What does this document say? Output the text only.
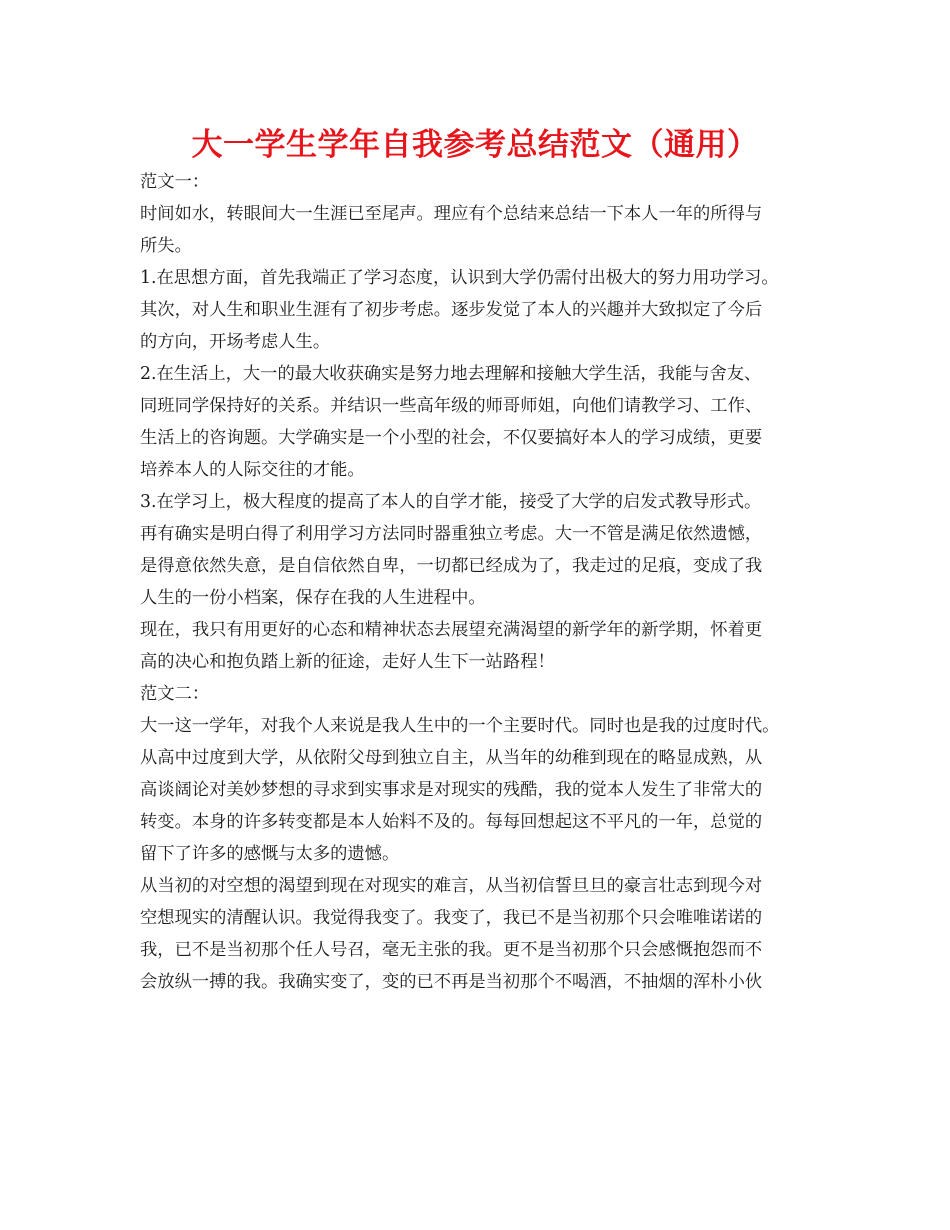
大一学生学年自我参考总结范文（通用）
范文一：
时间如水，转眼间大一生涯已至尾声。理应有个总结来总结一下本人一年的所得与
所失。
1.在思想方面，首先我端正了学习态度，认识到大学仍需付出极大的努力用功学习。
其次，对人生和职业生涯有了初步考虑。逐步发觉了本人的兴趣并大致拟定了今后
的方向，开场考虑人生。
2.在生活上，大一的最大收获确实是努力地去理解和接触大学生活，我能与舍友、
同班同学保持好的关系。并结识一些高年级的师哥师姐，向他们请教学习、工作、
生活上的咨询题。大学确实是一个小型的社会，不仅要搞好本人的学习成绩，更要
培养本人的人际交往的才能。
3.在学习上，极大程度的提高了本人的自学才能，接受了大学的启发式教导形式。
再有确实是明白得了利用学习方法同时器重独立考虑。大一不管是满足依然遗憾，
是得意依然失意，是自信依然自卑，一切都已经成为了，我走过的足痕，变成了我
人生的一份小档案，保存在我的人生进程中。
现在，我只有用更好的心态和精神状态去展望充满渴望的新学年的新学期，怀着更
高的决心和抱负踏上新的征途，走好人生下一站路程！
范文二：
大一这一学年，对我个人来说是我人生中的一个主要时代。同时也是我的过度时代。
从高中过度到大学，从依附父母到独立自主，从当年的幼稚到现在的略显成熟，从
高谈阔论对美妙梦想的寻求到实事求是对现实的残酷，我的觉本人发生了非常大的
转变。本身的许多转变都是本人始料不及的。每每回想起这不平凡的一年，总觉的
留下了许多的感慨与太多的遗憾。
从当初的对空想的渴望到现在对现实的难言，从当初信誓旦旦的豪言壮志到现今对
空想现实的清醒认识。我觉得我变了。我变了，我已不是当初那个只会唯唯诺诺的
我，已不是当初那个任人号召，毫无主张的我。更不是当初那个只会感慨抱怨而不
会放纵一搏的我。我确实变了，变的已不再是当初那个不喝酒，不抽烟的浑朴小伙
